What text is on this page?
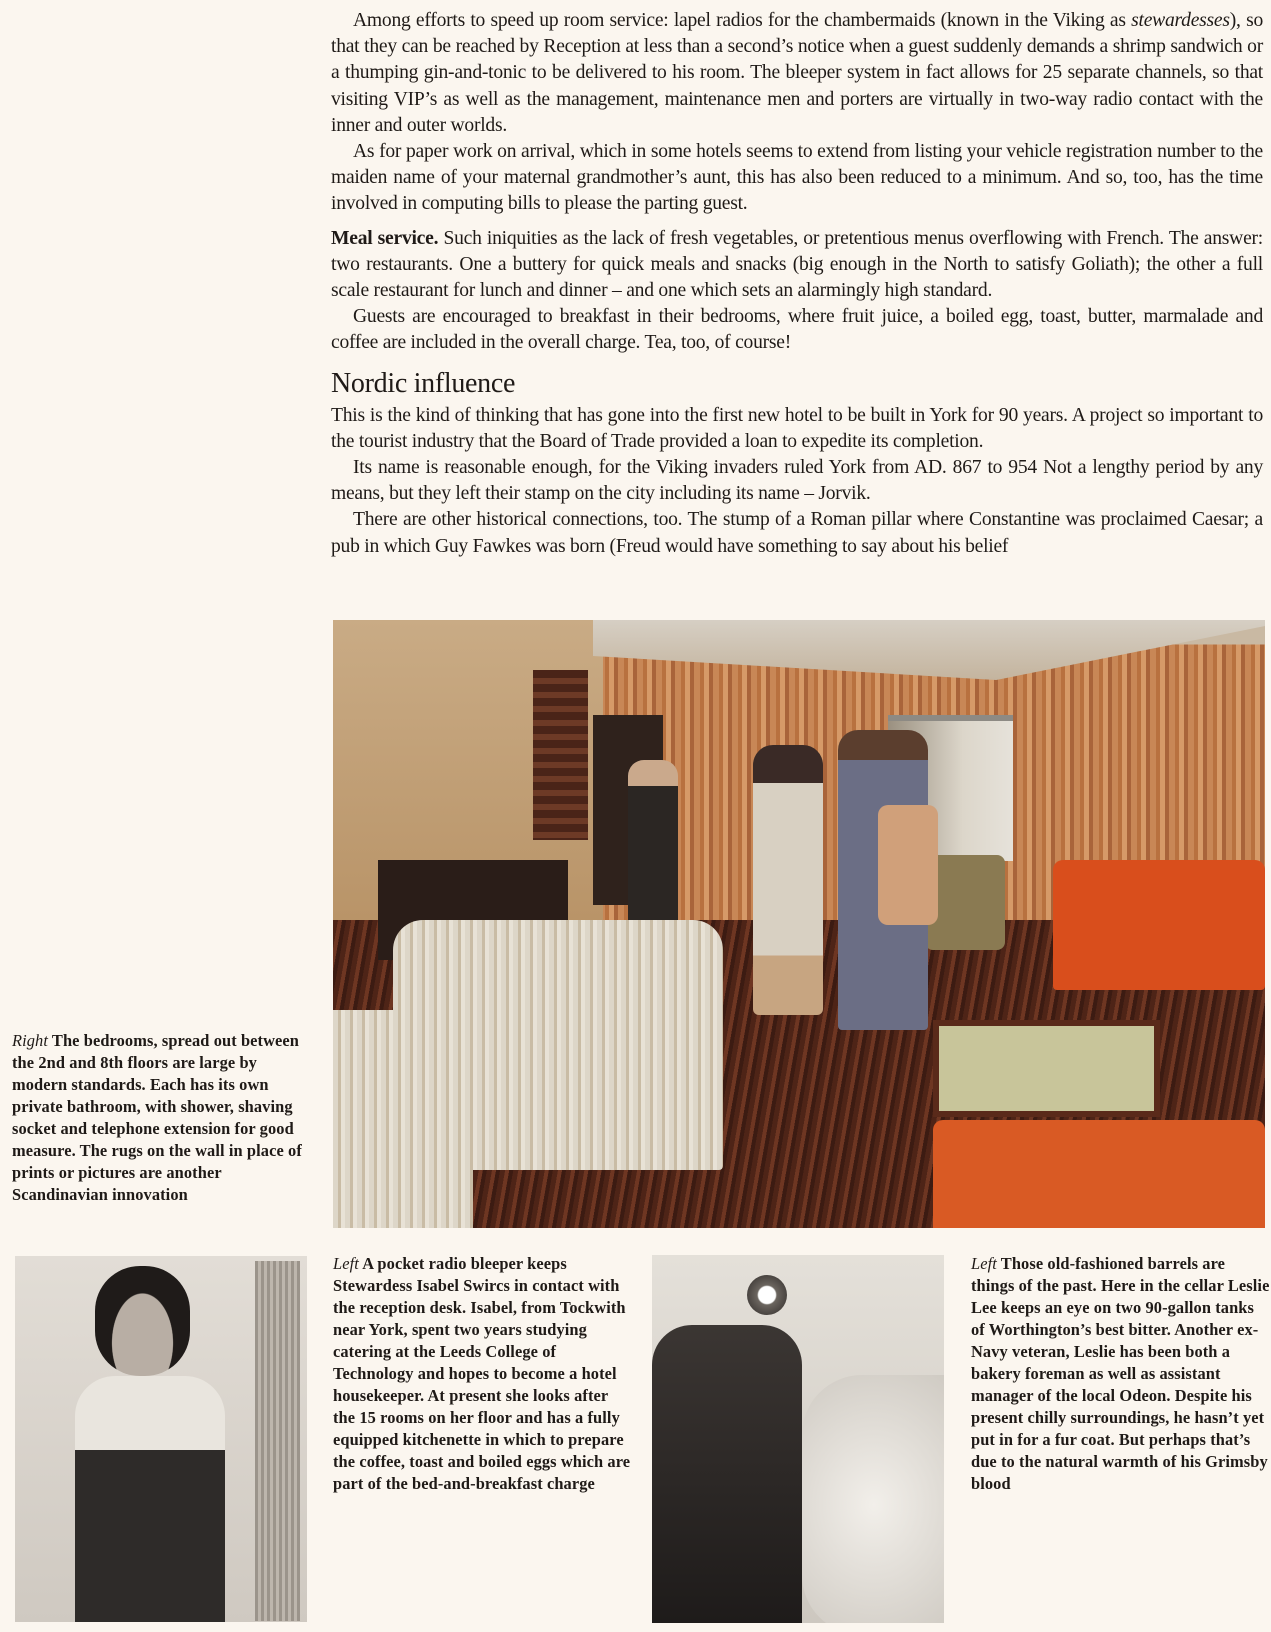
Among efforts to speed up room service: lapel radios for the chambermaids (known in the Viking as stewardesses), so that they can be reached by Reception at less than a second’s notice when a guest suddenly demands a shrimp sandwich or a thumping gin-and-tonic to be delivered to his room. The bleeper system in fact allows for 25 separate channels, so that visiting VIP’s as well as the management, maintenance men and porters are virtually in two-way radio contact with the inner and outer worlds.

As for paper work on arrival, which in some hotels seems to extend from listing your vehicle registration number to the maiden name of your maternal grandmother’s aunt, this has also been reduced to a minimum. And so, too, has the time involved in computing bills to please the parting guest.

Meal service. Such iniquities as the lack of fresh vegetables, or pretentious menus overflowing with French. The answer: two restaurants. One a buttery for quick meals and snacks (big enough in the North to satisfy Goliath); the other a full scale restaurant for lunch and dinner – and one which sets an alarmingly high standard.

Guests are encouraged to breakfast in their bedrooms, where fruit juice, a boiled egg, toast, butter, marmalade and coffee are included in the overall charge. Tea, too, of course!

Nordic influence

This is the kind of thinking that has gone into the first new hotel to be built in York for 90 years. A project so important to the tourist industry that the Board of Trade provided a loan to expedite its completion.

Its name is reasonable enough, for the Viking invaders ruled York from AD. 867 to 954 Not a lengthy period by any means, but they left their stamp on the city including its name – Jorvik.

There are other historical connections, too. The stump of a Roman pillar where Constantine was proclaimed Caesar; a pub in which Guy Fawkes was born (Freud would have something to say about his belief

Right The bedrooms, spread out between the 2nd and 8th floors are large by modern standards. Each has its own private bathroom, with shower, shaving socket and telephone extension for good measure. The rugs on the wall in place of prints or pictures are another Scandinavian innovation
Left A pocket radio bleeper keeps Stewardess Isabel Swircs in contact with the reception desk. Isabel, from Tockwith near York, spent two years studying catering at the Leeds College of Technology and hopes to become a hotel housekeeper. At present she looks after the 15 rooms on her floor and has a fully equipped kitchenette in which to prepare the coffee, toast and boiled eggs which are part of the bed-and-breakfast charge
Left Those old-fashioned barrels are things of the past. Here in the cellar Leslie Lee keeps an eye on two 90-gallon tanks of Worthington’s best bitter. Another ex-Navy veteran, Leslie has been both a bakery foreman as well as assistant manager of the local Odeon. Despite his present chilly surroundings, he hasn’t yet put in for a fur coat. But perhaps that’s due to the natural warmth of his Grimsby blood
